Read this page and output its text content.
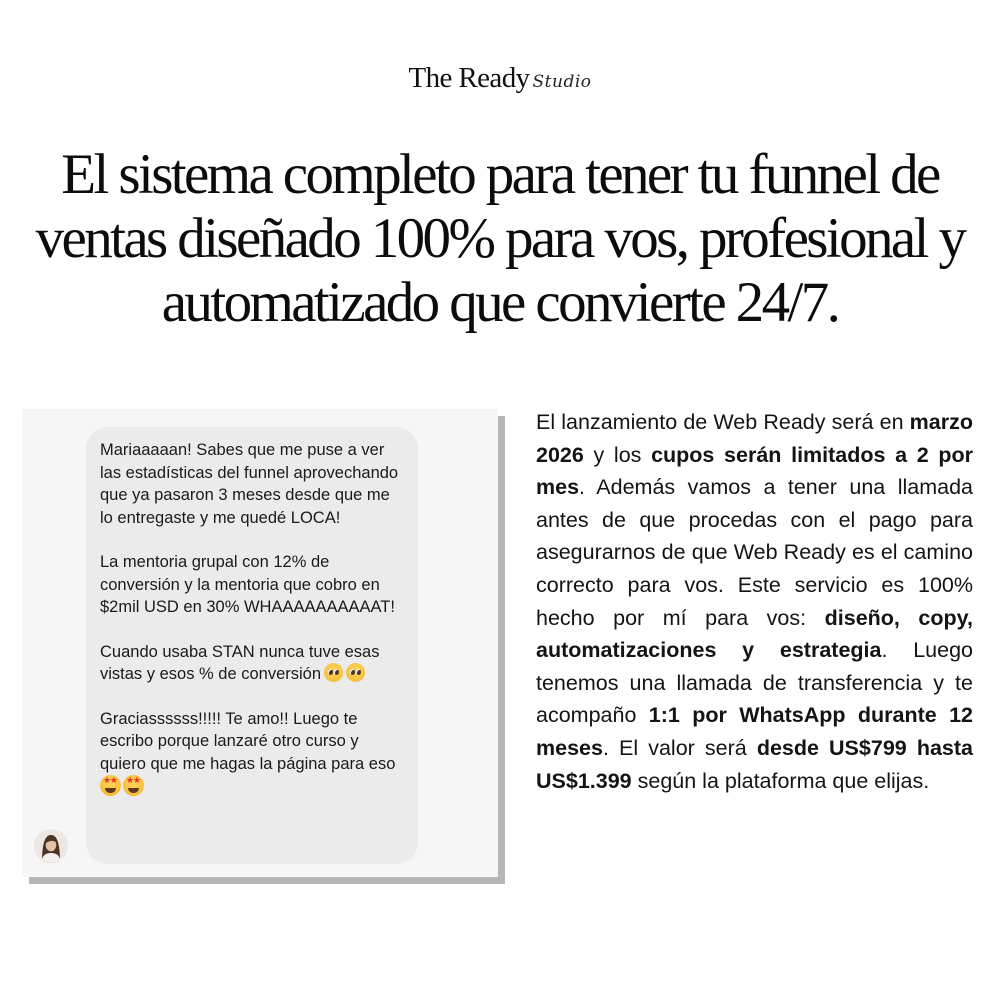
The Ready Studio
El sistema completo para tener tu funnel de ventas diseñado 100% para vos, profesional y automatizado que convierte 24/7.

Mariaaaaan! Sabes que me puse a ver las estadísticas del funnel aprovechando que ya pasaron 3 meses desde que me lo entregaste y me quedé LOCA!

La mentoria grupal con 12% de conversión y la mentoria que cobro en $2mil USD en 30% WHAAAAAAAAAAT!

Cuando usaba STAN nunca tuve esas vistas y esos % de conversión

Graciassssss!!!!! Te amo!! Luego te escribo porque lanzaré otro curso y quiero que me hagas la página para eso
★
★★
★

El lanzamiento de Web Ready será en marzo 2026 y los cupos serán limitados a 2 por mes. Además vamos a tener una llamada antes de que procedas con el pago para asegurarnos de que Web Ready es el camino correcto para vos. Este servicio es 100% hecho por mí para vos: diseño, copy, automatizaciones y estrategia. Luego tenemos una llamada de transferencia y te acompaño 1:1 por WhatsApp durante 12 meses. El valor será desde US$799 hasta US$1.399 según la plataforma que elijas.
